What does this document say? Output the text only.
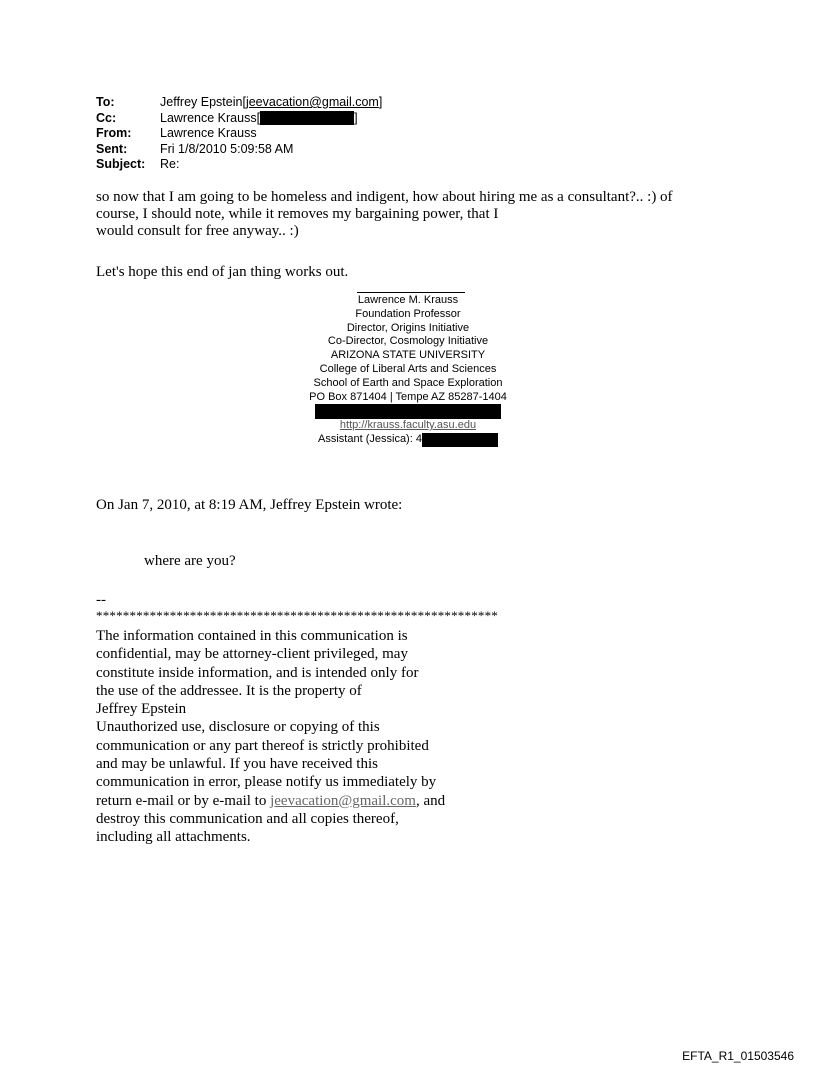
To:	Jeffrey Epstein[ jeevacation@gmail.com ]
Cc:	Lawrence Krauss[	]
From:	Lawrence Krauss
Sent:	Fri 1/8/2010 5:09:58 AM
Subject:	Re:
so now that I am going to be homeless and indigent, how about hiring me as a consultant?.. :) of
course, I should note, while it removes my bargaining power, that I
would consult for free anyway.. :)
Let's hope this end of jan thing works out.
Lawrence M. Krauss
Foundation Professor
Director, Origins Initiative
Co-Director, Cosmology Initiative
ARIZONA STATE UNIVERSITY
College of Liberal Arts and Sciences
School of Earth and Space Exploration
PO Box 871404 | Tempe AZ 85287-1404
http://krauss.faculty.asu.edu
Assistant (Jessica): 4
On Jan 7, 2010, at 8:19 AM, Jeffrey Epstein wrote:
where are you?
--
************************************************************
The information contained in this communication is
confidential, may be attorney-client privileged, may
constitute inside information, and is intended only for
the use of the addressee. It is the property of
Jeffrey Epstein
Unauthorized use, disclosure or copying of this
communication or any part thereof is strictly prohibited
and may be unlawful. If you have received this
communication in error, please notify us immediately by
return e-mail or by e-mail to jeevacation@gmail.com, and
destroy this communication and all copies thereof,
including all attachments.
EFTA_R1_01503546
